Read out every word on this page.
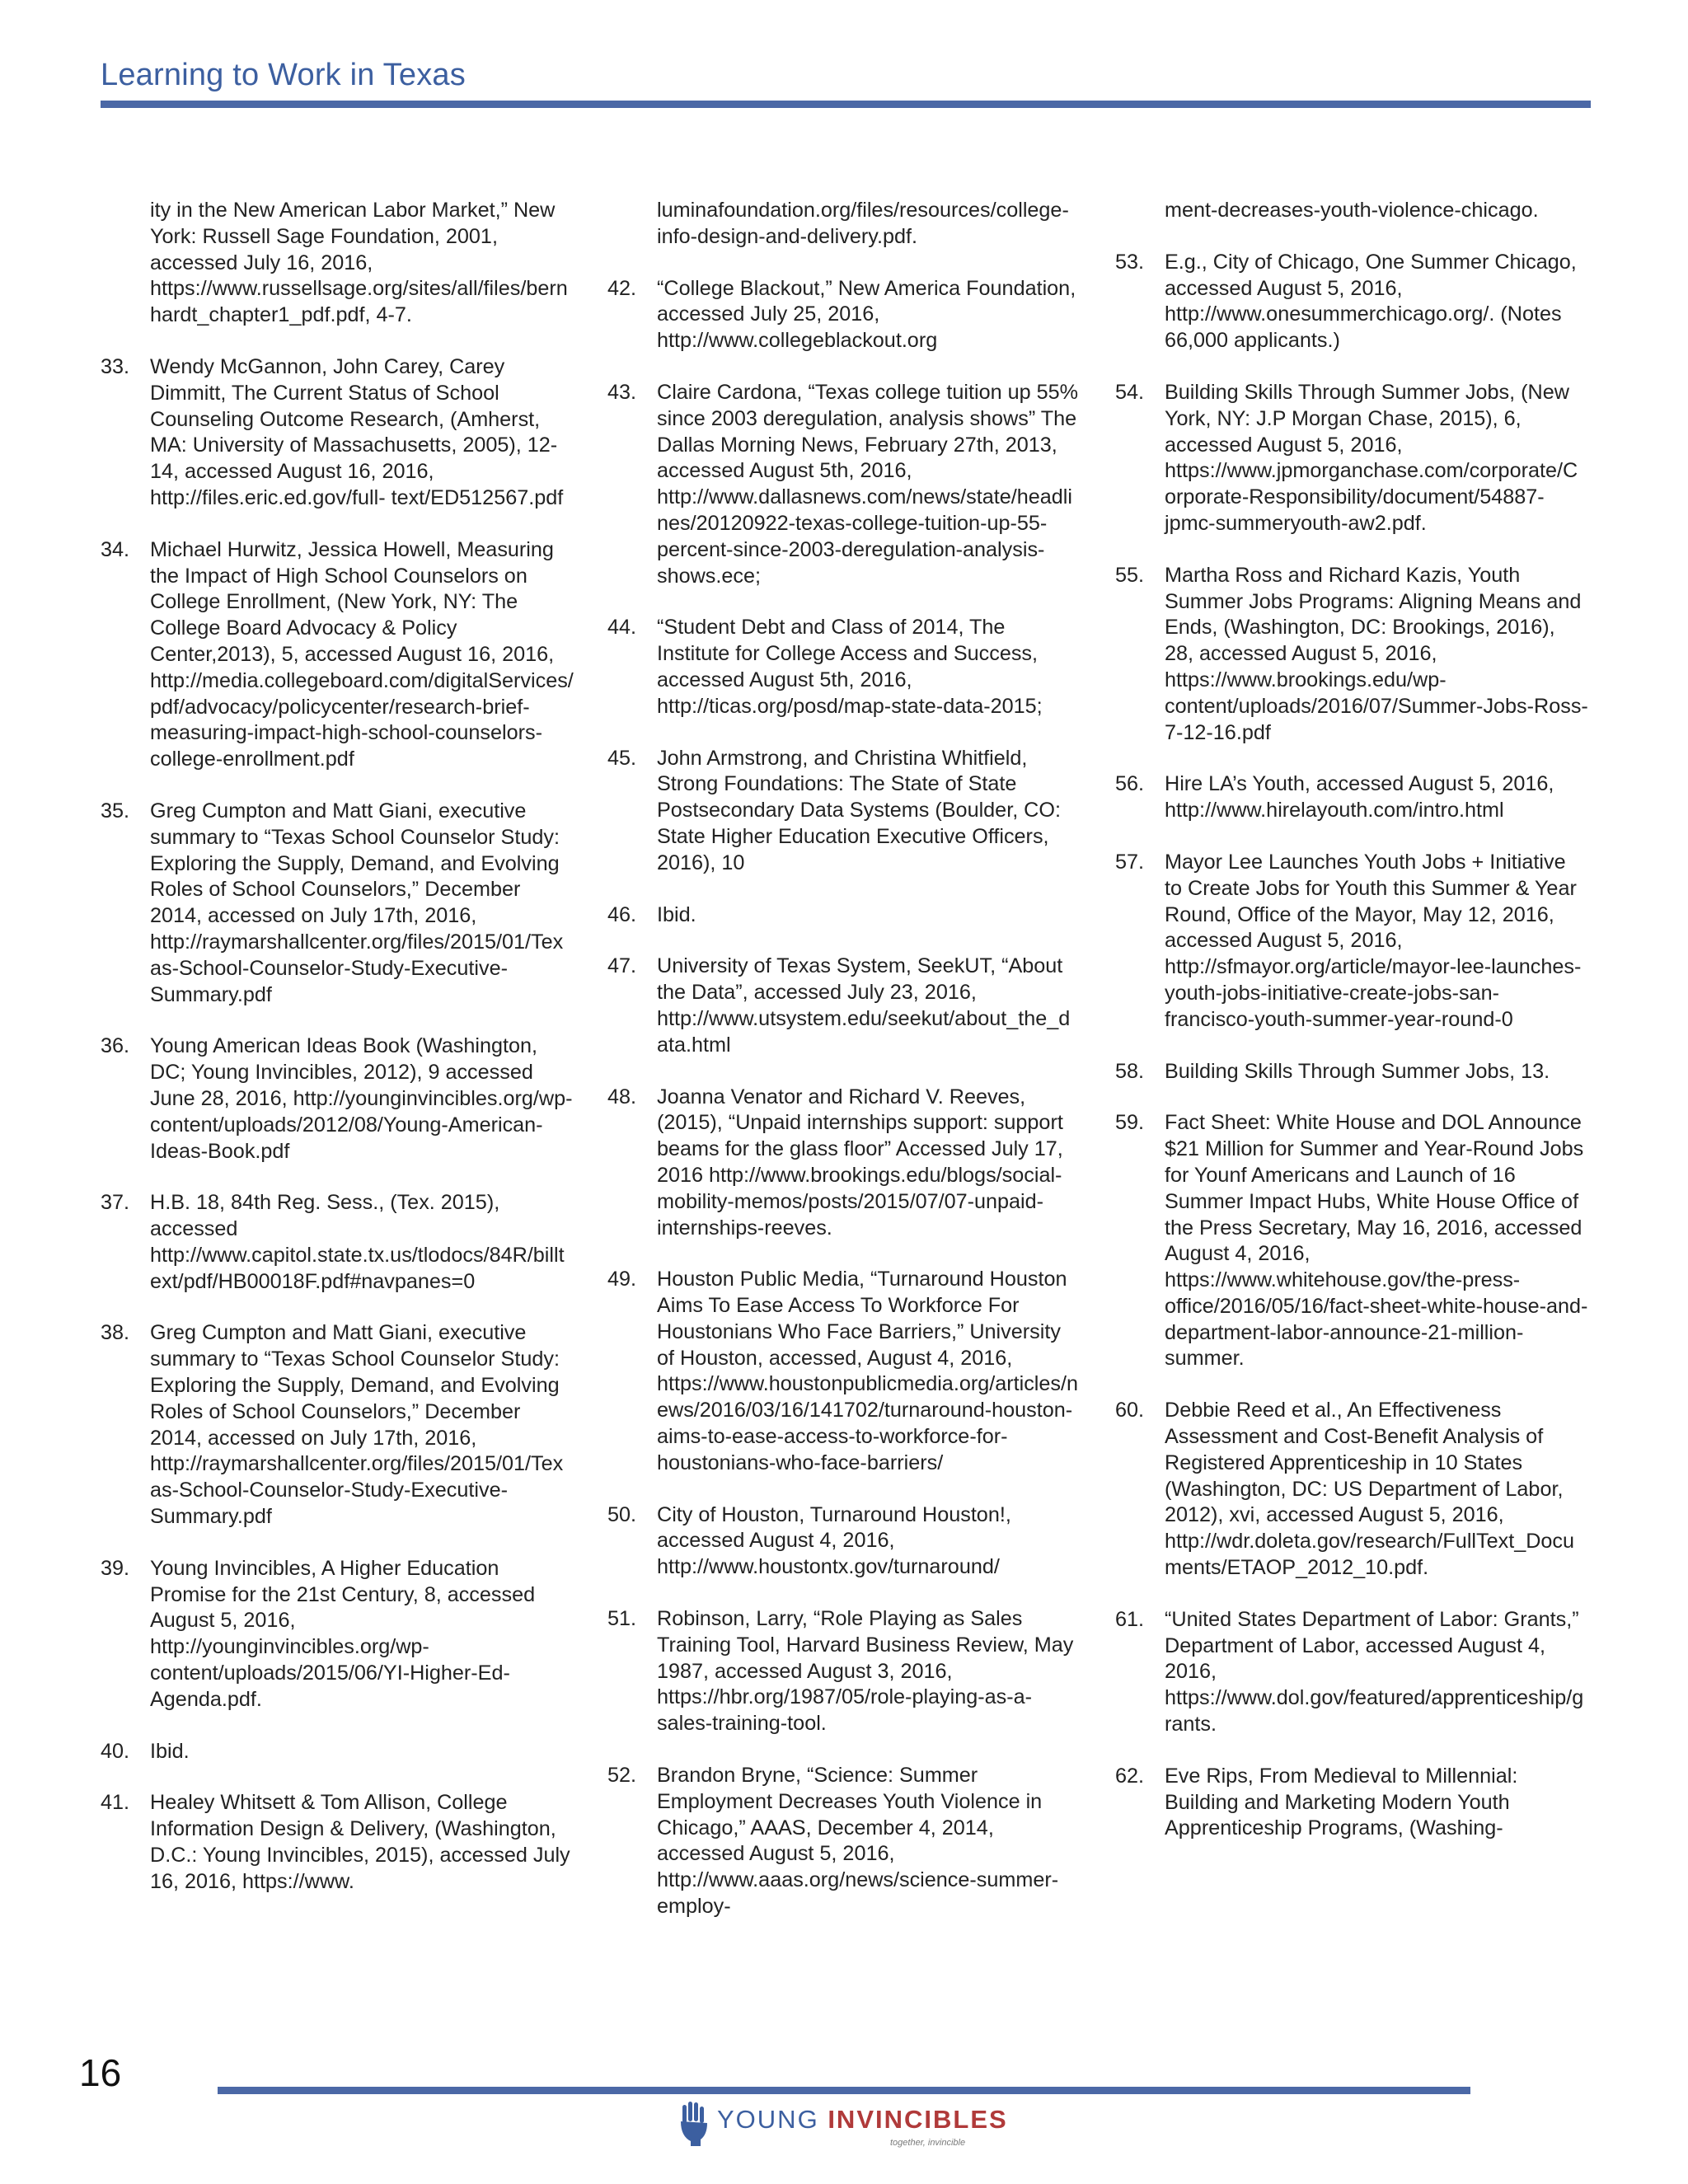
Learning to Work in Texas
ity in the New American Labor Market,” New York: Russell Sage Foundation, 2001, accessed July 16, 2016, https://www.russellsage.org/sites/all/files/bernhardt_chapter1_pdf.pdf, 4-7.
33. Wendy McGannon, John Carey, Carey Dimmitt, The Current Status of School Counseling Outcome Research, (Amherst, MA: University of Massachusetts, 2005), 12- 14, accessed August 16, 2016, http://files.eric.ed.gov/full- text/ED512567.pdf
34. Michael Hurwitz, Jessica Howell, Measuring the Impact of High School Counselors on College Enrollment, (New York, NY: The College Board Advocacy & Policy Center,2013), 5, accessed August 16, 2016, http://media.collegeboard.com/digitalServices/pdf/advocacy/policycenter/research-brief-measuring-impact-high-school-counselors-college-enrollment.pdf
35. Greg Cumpton and Matt Giani, executive summary to “Texas School Counselor Study: Exploring the Supply, Demand, and Evolving Roles of School Counselors,” December 2014, accessed on July 17th, 2016, http://raymarshallcenter.org/files/2015/01/Texas-School-Counselor-Study-Executive-Summary.pdf
36. Young American Ideas Book (Washington, DC; Young Invincibles, 2012), 9 accessed June 28, 2016, http://younginvincibles.org/wp-content/uploads/2012/08/Young-American-Ideas-Book.pdf
37. H.B. 18, 84th Reg. Sess., (Tex. 2015), accessed http://www.capitol.state.tx.us/tlodocs/84R/billtext/pdf/HB00018F.pdf#navpanes=0
38. Greg Cumpton and Matt Giani, executive summary to “Texas School Counselor Study: Exploring the Supply, Demand, and Evolving Roles of School Counselors,” December 2014, accessed on July 17th, 2016, http://raymarshallcenter.org/files/2015/01/Texas-School-Counselor-Study-Executive-Summary.pdf
39. Young Invincibles, A Higher Education Promise for the 21st Century, 8, accessed August 5, 2016, http://younginvincibles.org/wp-content/uploads/2015/06/YI-Higher-Ed-Agenda.pdf.
40. Ibid.
41. Healey Whitsett & Tom Allison, College Information Design & Delivery, (Washington, D.C.: Young Invincibles, 2015), accessed July 16, 2016, https://www.
luminafoundation.org/files/resources/college-info-design-and-delivery.pdf.
42. “College Blackout,” New America Foundation, accessed July 25, 2016, http://www.collegeblackout.org
43. Claire Cardona, “Texas college tuition up 55% since 2003 deregulation, analysis shows” The Dallas Morning News, February 27th, 2013, accessed August 5th, 2016, http://www.dallasnews.com/news/state/headlines/20120922-texas-college-tuition-up-55-percent-since-2003-deregulation-analysis-shows.ece;
44. “Student Debt and Class of 2014, The Institute for College Access and Success, accessed August 5th, 2016, http://ticas.org/posd/map-state-data-2015;
45. John Armstrong, and Christina Whitfield, Strong Foundations: The State of State Postsecondary Data Systems (Boulder, CO: State Higher Education Executive Officers, 2016), 10
46. Ibid.
47. University of Texas System, SeekUT, “About the Data”, accessed July 23, 2016, http://www.utsystem.edu/seekut/about_the_data.html
48. Joanna Venator and Richard V. Reeves, (2015), “Unpaid internships support: support beams for the glass floor” Accessed July 17, 2016 http://www.brookings.edu/blogs/social-mobility-memos/posts/2015/07/07-unpaid-internships-reeves.
49. Houston Public Media, “Turnaround Houston Aims To Ease Access To Workforce For Houstonians Who Face Barriers,” University of Houston, accessed, August 4, 2016, https://www.houstonpublicmedia.org/articles/news/2016/03/16/141702/turnaround-houston-aims-to-ease-access-to-workforce-for-houstonians-who-face-barriers/
50. City of Houston, Turnaround Houston!, accessed August 4, 2016, http://www.houstontx.gov/turnaround/
51. Robinson, Larry, “Role Playing as Sales Training Tool, Harvard Business Review, May 1987, accessed August 3, 2016, https://hbr.org/1987/05/role-playing-as-a-sales-training-tool.
52. Brandon Bryne, “Science: Summer Employment Decreases Youth Violence in Chicago,” AAAS, December 4, 2014, accessed August 5, 2016, http://www.aaas.org/news/science-summer-employ-
ment-decreases-youth-violence-chicago.
53. E.g., City of Chicago, One Summer Chicago, accessed August 5, 2016, http://www.onesummerchicago.org/. (Notes 66,000 applicants.)
54. Building Skills Through Summer Jobs, (New York, NY: J.P Morgan Chase, 2015), 6, accessed August 5, 2016, https://www.jpmorganchase.com/corporate/Corporate-Responsibility/document/54887-jpmc-summeryouth-aw2.pdf.
55. Martha Ross and Richard Kazis, Youth Summer Jobs Programs: Aligning Means and Ends, (Washington, DC: Brookings, 2016), 28, accessed August 5, 2016, https://www.brookings.edu/wp-content/uploads/2016/07/Summer-Jobs-Ross-7-12-16.pdf
56. Hire LA’s Youth, accessed August 5, 2016, http://www.hirelayouth.com/intro.html
57. Mayor Lee Launches Youth Jobs + Initiative to Create Jobs for Youth this Summer & Year Round, Office of the Mayor, May 12, 2016, accessed August 5, 2016, http://sfmayor.org/article/mayor-lee-launches-youth-jobs-initiative-create-jobs-san-francisco-youth-summer-year-round-0
58. Building Skills Through Summer Jobs, 13.
59. Fact Sheet: White House and DOL Announce $21 Million for Summer and Year-Round Jobs for Younf Americans and Launch of 16 Summer Impact Hubs, White House Office of the Press Secretary, May 16, 2016, accessed August 4, 2016, https://www.whitehouse.gov/the-press-office/2016/05/16/fact-sheet-white-house-and-department-labor-announce-21-million-summer.
60. Debbie Reed et al., An Effectiveness Assessment and Cost-Benefit Analysis of Registered Apprenticeship in 10 States (Washington, DC: US Department of Labor, 2012), xvi, accessed August 5, 2016, http://wdr.doleta.gov/research/FullText_Documents/ETAOP_2012_10.pdf.
61. “United States Department of Labor: Grants,” Department of Labor, accessed August 4, 2016, https://www.dol.gov/featured/apprenticeship/grants.
62. Eve Rips, From Medieval to Millennial: Building and Marketing Modern Youth Apprenticeship Programs, (Washing-
16
YOUNG INVINCIBLES
together, invincible
